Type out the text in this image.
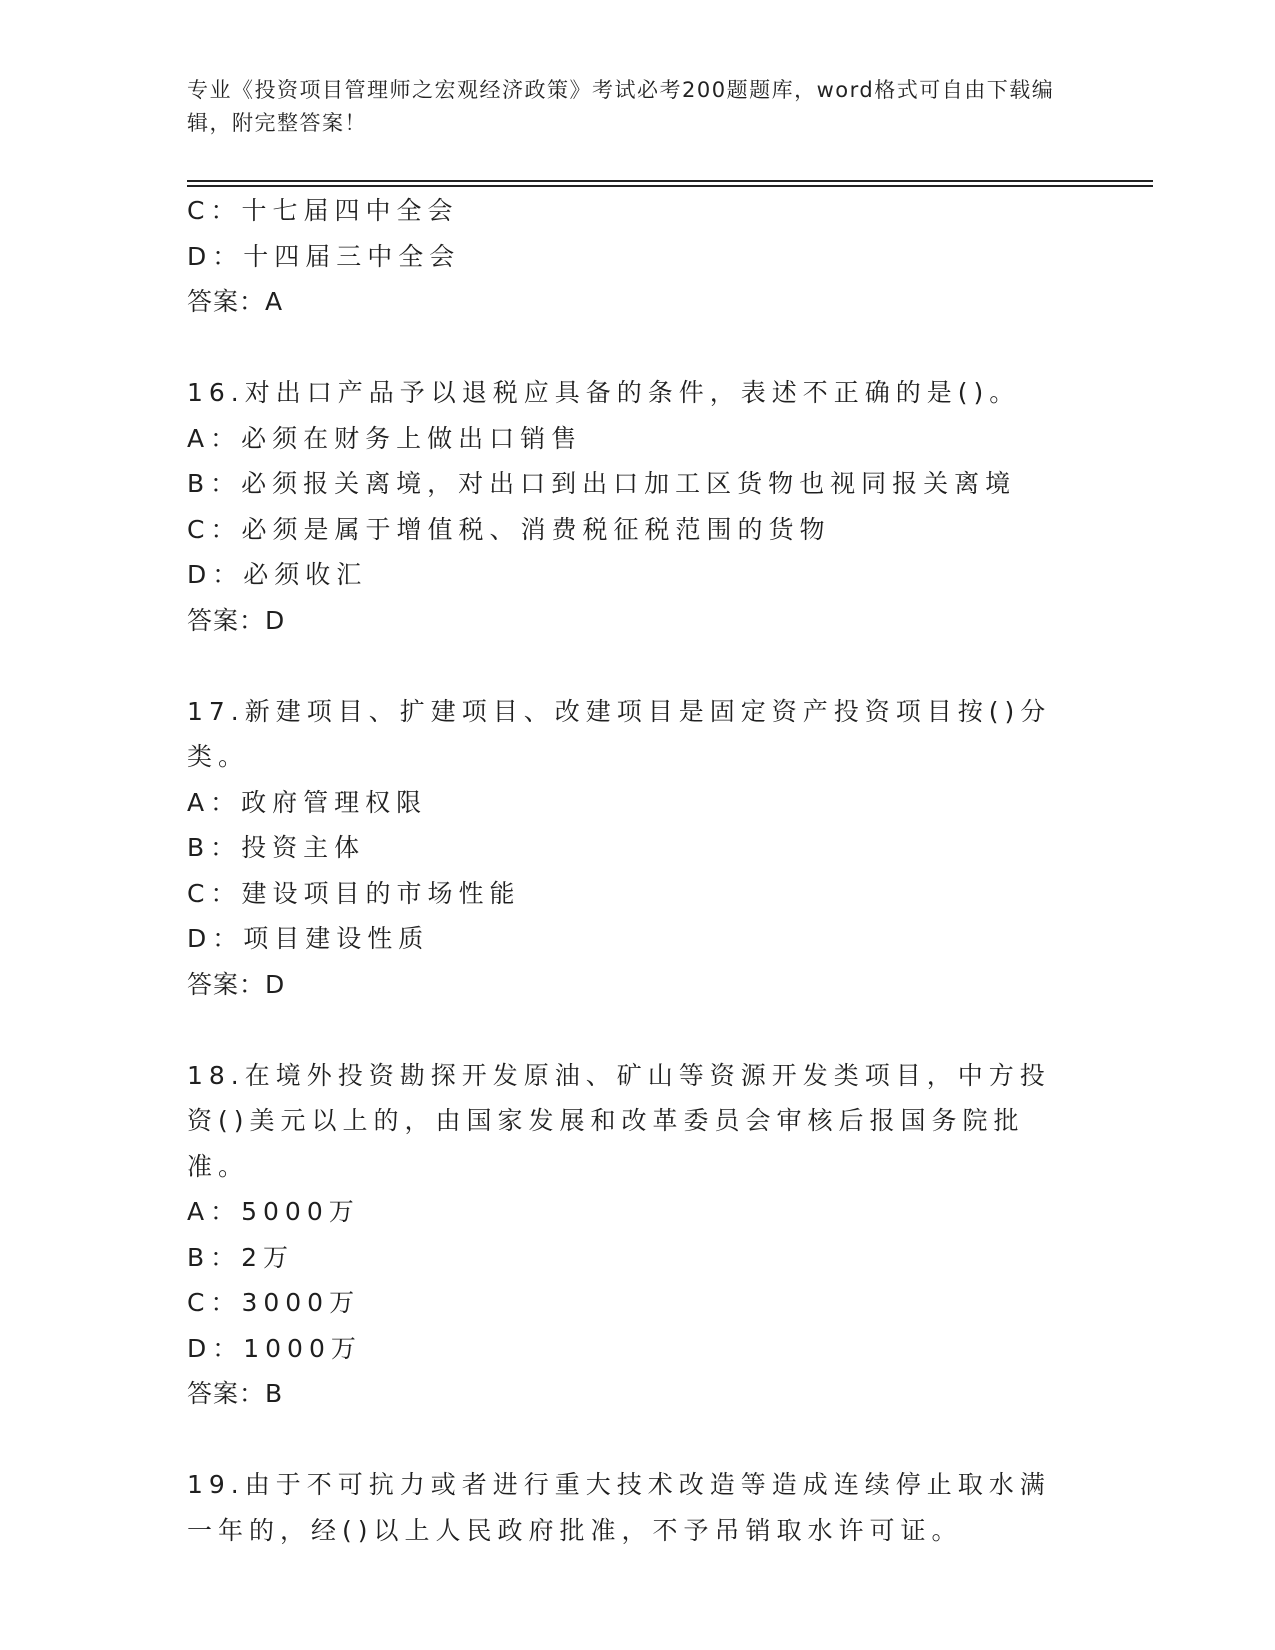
专业《投资项目管理师之宏观经济政策》考试必考200题题库，word格式可自由下载编辑，附完整答案！
C：十七届四中全会
D：十四届三中全会
答案：A
16.对出口产品予以退税应具备的条件，表述不正确的是()。
A：必须在财务上做出口销售
B：必须报关离境，对出口到出口加工区货物也视同报关离境
C：必须是属于增值税、消费税征税范围的货物
D：必须收汇
答案：D
17.新建项目、扩建项目、改建项目是固定资产投资项目按()分类。
A：政府管理权限
B：投资主体
C：建设项目的市场性能
D：项目建设性质
答案：D
18.在境外投资勘探开发原油、矿山等资源开发类项目，中方投资()美元以上的，由国家发展和改革委员会审核后报国务院批准。
A：5000万
B：2万
C：3000万
D：1000万
答案：B
19.由于不可抗力或者进行重大技术改造等造成连续停止取水满一年的，经()以上人民政府批准，不予吊销取水许可证。
